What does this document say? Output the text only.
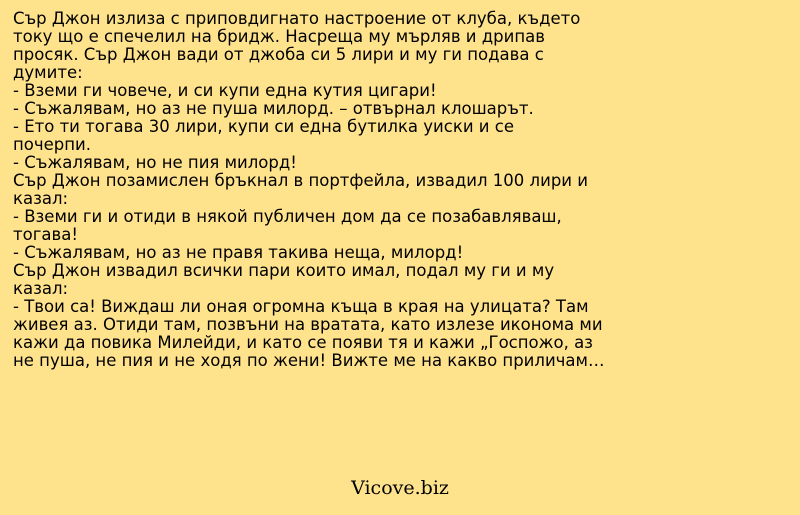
Сър Джон излиза с приповдигнато настроение от клуба, където
току що е спечелил на бридж. Насреща му мърляв и дрипав
просяк. Сър Джон вади от джоба си 5 лири и му ги подава с
думите:
- Вземи ги човече, и си купи една кутия цигари!
- Съжалявам, но аз не пуша милорд. – отвърнал клошарът.
- Ето ти тогава 30 лири, купи си една бутилка уиски и се
почерпи.
- Съжалявам, но не пия милорд!
Сър Джон позамислен бръкнал в портфейла, извадил 100 лири и
казал:
- Вземи ги и отиди в някой публичен дом да се позабавляваш,
тогава!
- Съжалявам, но аз не правя такива неща, милорд!
Сър Джон извадил всички пари които имал, подал му ги и му
казал:
- Твои са! Виждаш ли оная огромна къща в края на улицата? Там
живея аз. Отиди там, позвъни на вратата, като излезе иконома ми
кажи да повика Милейди, и като се появи тя и кажи „Госпожо, аз
не пуша, не пия и не ходя по жени! Вижте ме на какво приличам…
Vicove.biz
